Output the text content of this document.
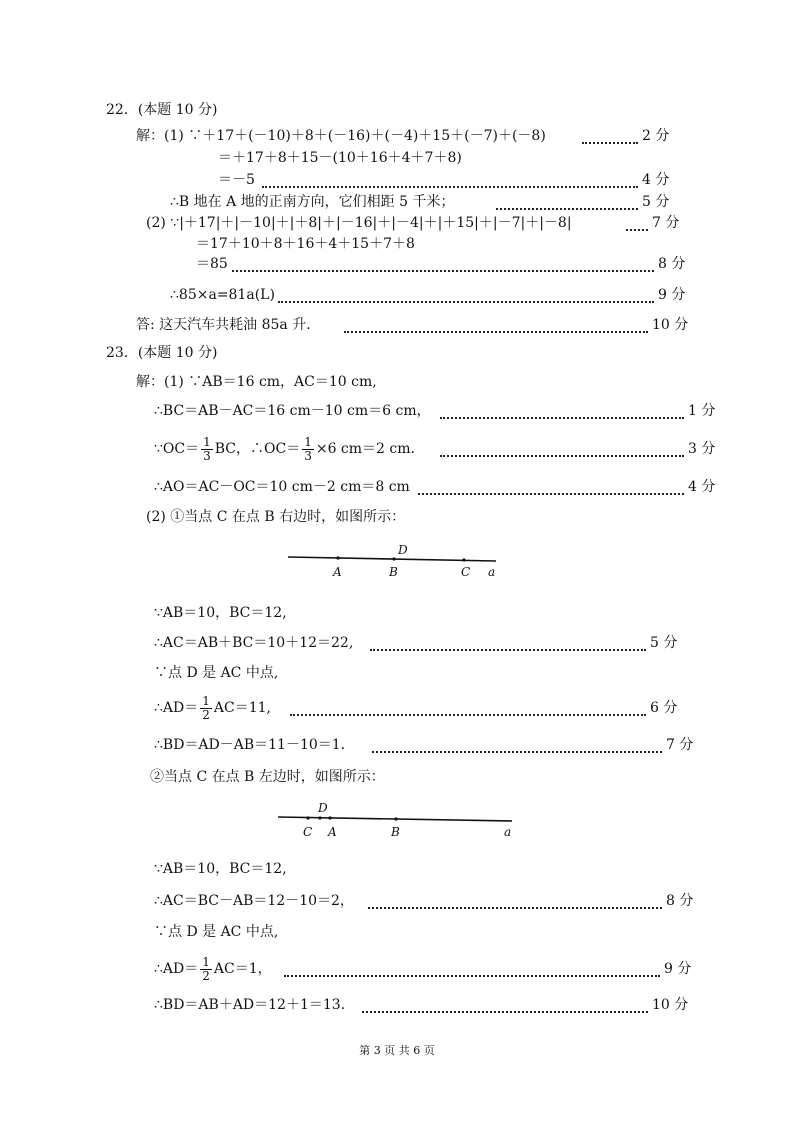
22．(本题 10 分)
解：(1) ∵＋17＋(－10)＋8＋(－16)＋(－4)＋15＋(－7)＋(－8)	2 分
＝＋17＋8＋15－(10＋16＋4＋7＋8)
＝－5	4 分
∴B 地在 A 地的正南方向，它们相距 5 千米；	5 分
(2) ∵|＋17|＋|－10|＋|＋8|＋|－16|＋|－4|＋|＋15|＋|－7|＋|－8|	7 分
＝17＋10＋8＋16＋4＋15＋7＋8
＝85	8 分
∴85×a=81a(L)	9 分
答: 这天汽车共耗油 85a 升.	10 分
23．(本题 10 分)
解：(1) ∵AB＝16 cm，AC＝10 cm,
∴BC＝AB－AC＝16 cm－10 cm＝6 cm，	1 分
∵OC＝ $\frac{1}{3}$ BC，∴OC＝ $\frac{1}{3} \times 6$ cm＝2 cm．	3 分
∴AO＝AC－OC＝10 cm－2 cm＝8 cm	4 分
(2) ①当点 C 在点 B 右边时，如图所示：
D
A	B	C a
∵AB＝10，BC＝12,
∴AC＝AB＋BC＝10＋12＝22,	5 分
∵点 D 是 AC 中点,
∴AD＝ $\frac{1}{2} AC=11$,	6 分
∴BD＝AD－AB＝11－10＝1．	7 分
②当点 C 在点 B 左边时，如图所示：
D
C A	B	a
∵AB＝10，BC＝12,
∴AC＝BC－AB＝12－10＝2，	8 分
∵点 D 是 AC 中点,
∴AD＝ $\frac{1}{2} AC=1$，	9 分
∴BD＝AB＋AD＝12＋1＝13.	10 分
第 3 页 共 6 页
